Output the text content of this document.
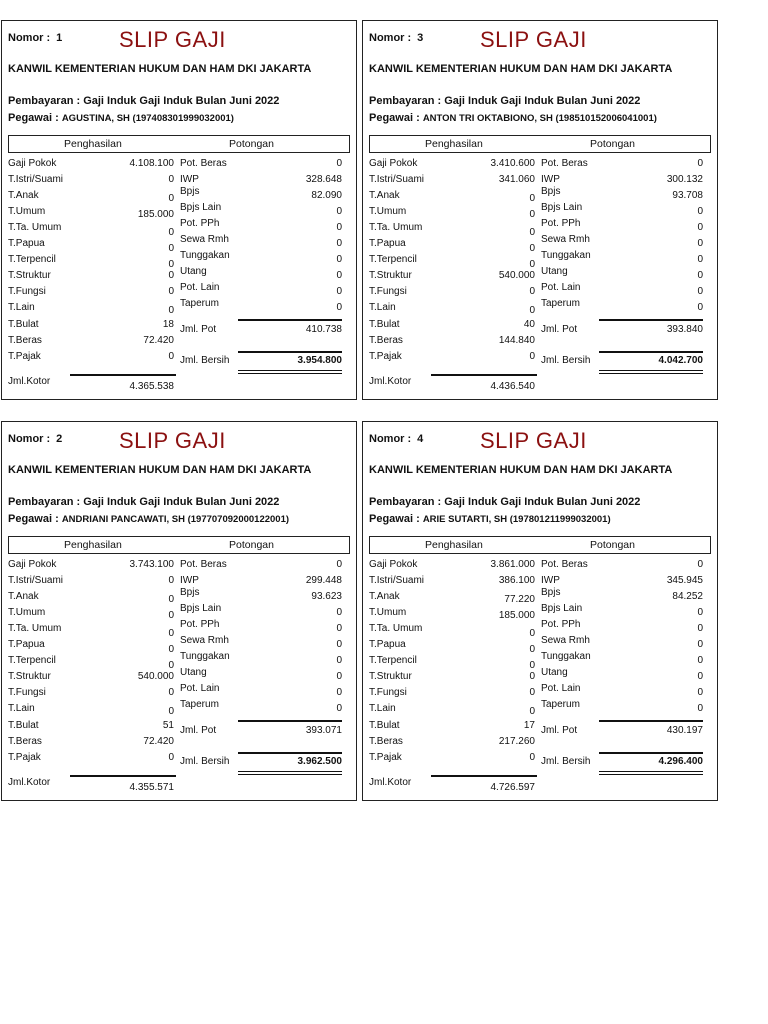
Nomor : 1	SLIP GAJI
KANWIL KEMENTERIAN HUKUM DAN HAM DKI JAKARTA
Pembayaran : Gaji Induk Gaji Induk Bulan Juni 2022
Pegawai : AGUSTINA, SH (197408301999032001)
Penghasilan	Potongan
Gaji Pokok	4.108.100
T.Istri/Suami	0
T.Anak	0
T.Umum	185.000
T.Ta. Umum	0
T.Papua	0
T.Terpencil	0
T.Struktur	0
T.Fungsi	0
T.Lain	0
T.Bulat	18
T.Beras	72.420
T.Pajak	0
Pot. Beras	0
IWP	328.648
Bpjs	82.090
Bpjs Lain	0
Pot. PPh	0
Sewa Rmh	0
Tunggakan	0
Utang	0
Pot. Lain	0
Taperum	0
Jml. Pot	410.738
Jml. Bersih	3.954.800
Jml.Kotor	4.365.538
Nomor : 3	SLIP GAJI
KANWIL KEMENTERIAN HUKUM DAN HAM DKI JAKARTA
Pembayaran : Gaji Induk Gaji Induk Bulan Juni 2022
Pegawai : ANTON TRI OKTABIONO, SH (198510152006041001)
Penghasilan	Potongan
Gaji Pokok	3.410.600
T.Istri/Suami	341.060
T.Anak	0
T.Umum	0
T.Ta. Umum	0
T.Papua	0
T.Terpencil	0
T.Struktur	540.000
T.Fungsi	0
T.Lain	0
T.Bulat	40
T.Beras	144.840
T.Pajak	0
Pot. Beras	0
IWP	300.132
Bpjs	93.708
Bpjs Lain	0
Pot. PPh	0
Sewa Rmh	0
Tunggakan	0
Utang	0
Pot. Lain	0
Taperum	0
Jml. Pot	393.840
Jml. Bersih	4.042.700
Jml.Kotor	4.436.540
Nomor : 2	SLIP GAJI
KANWIL KEMENTERIAN HUKUM DAN HAM DKI JAKARTA
Pembayaran : Gaji Induk Gaji Induk Bulan Juni 2022
Pegawai : ANDRIANI PANCAWATI, SH (197707092000122001)
Penghasilan	Potongan
Gaji Pokok	3.743.100
T.Istri/Suami	0
T.Anak	0
T.Umum	0
T.Ta. Umum	0
T.Papua	0
T.Terpencil	0
T.Struktur	540.000
T.Fungsi	0
T.Lain	0
T.Bulat	51
T.Beras	72.420
T.Pajak	0
Pot. Beras	0
IWP	299.448
Bpjs	93.623
Bpjs Lain	0
Pot. PPh	0
Sewa Rmh	0
Tunggakan	0
Utang	0
Pot. Lain	0
Taperum	0
Jml. Pot	393.071
Jml. Bersih	3.962.500
Jml.Kotor	4.355.571
Nomor : 4	SLIP GAJI
KANWIL KEMENTERIAN HUKUM DAN HAM DKI JAKARTA
Pembayaran : Gaji Induk Gaji Induk Bulan Juni 2022
Pegawai : ARIE SUTARTI, SH (197801211999032001)
Penghasilan	Potongan
Gaji Pokok	3.861.000
T.Istri/Suami	386.100
T.Anak	77.220
T.Umum	185.000
T.Ta. Umum	0
T.Papua	0
T.Terpencil	0
T.Struktur	0
T.Fungsi	0
T.Lain	0
T.Bulat	17
T.Beras	217.260
T.Pajak	0
Pot. Beras	0
IWP	345.945
Bpjs	84.252
Bpjs Lain	0
Pot. PPh	0
Sewa Rmh	0
Tunggakan	0
Utang	0
Pot. Lain	0
Taperum	0
Jml. Pot	430.197
Jml. Bersih	4.296.400
Jml.Kotor	4.726.597
